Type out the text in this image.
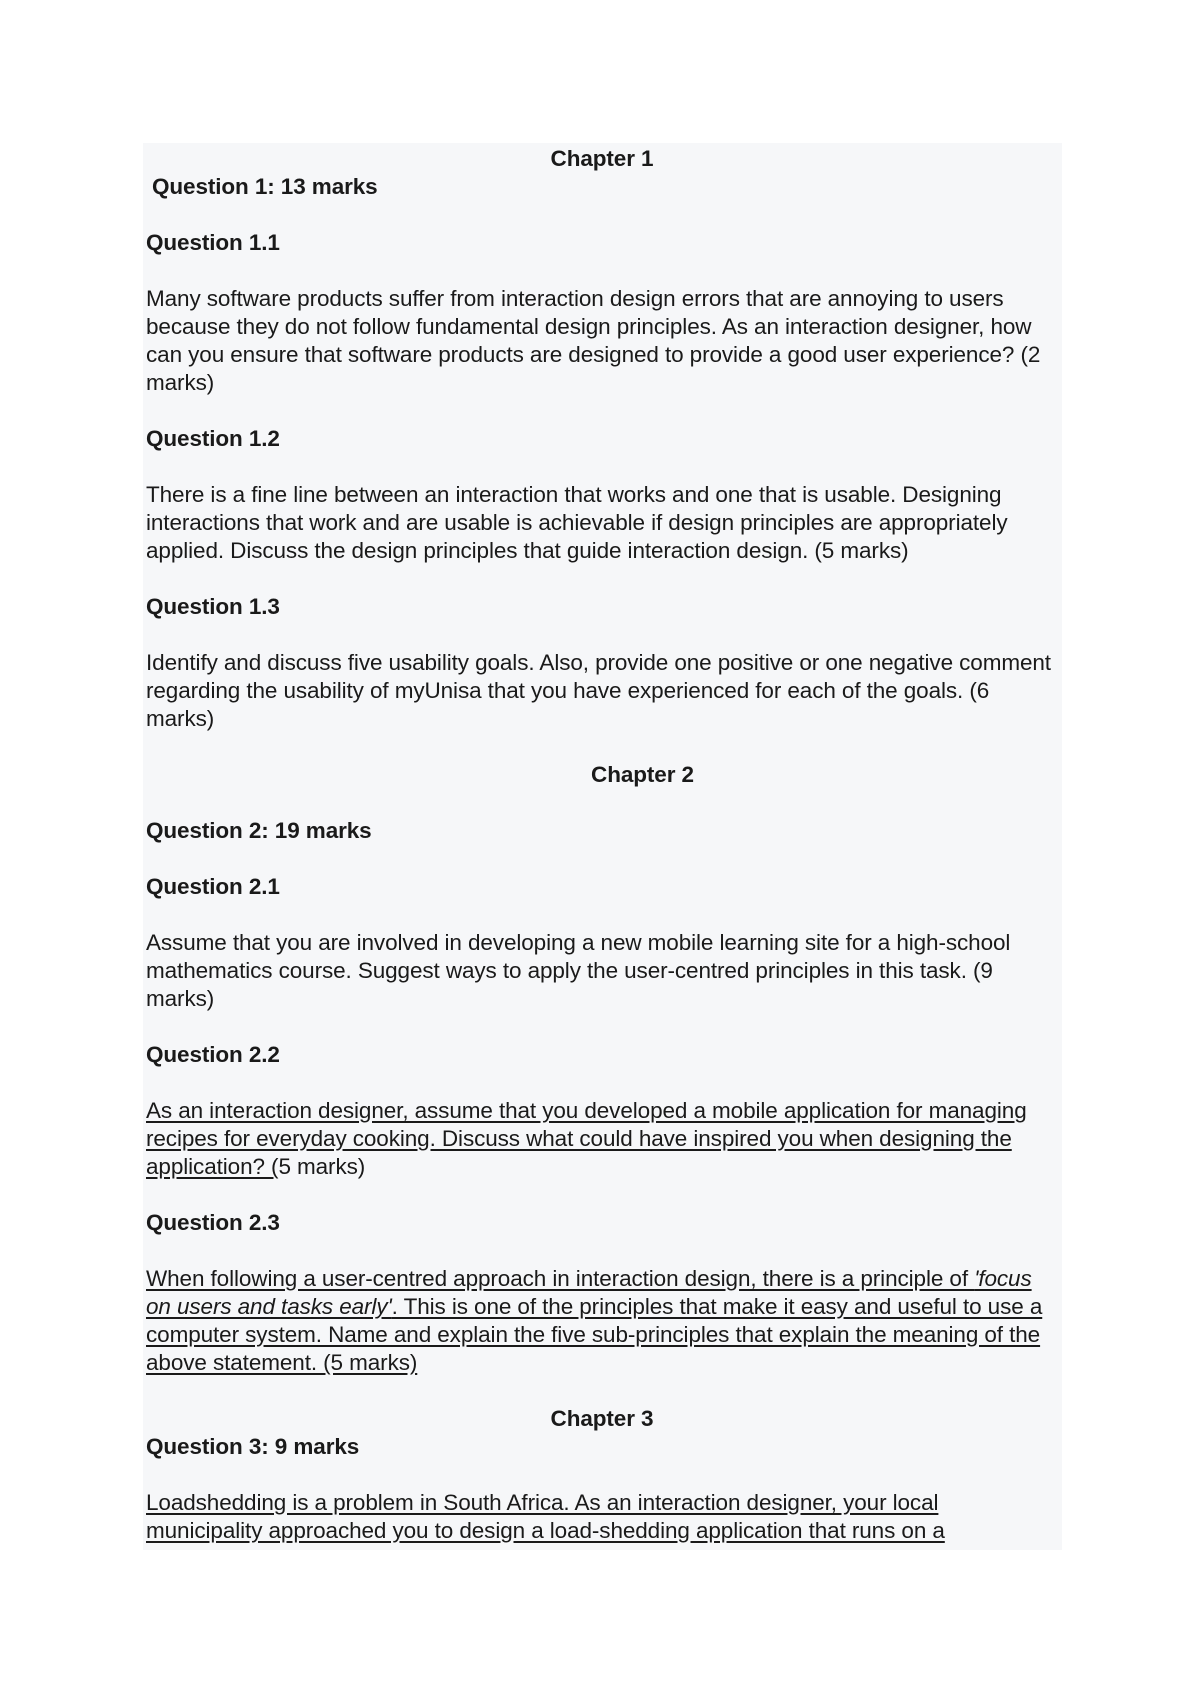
Chapter 1

Question 1: 13 marks

Question 1.1

Many software products suffer from interaction design errors that are annoying to users because they do not follow fundamental design principles. As an interaction designer, how can you ensure that software products are designed to provide a good user experience? (2 marks)

Question 1.2

There is a fine line between an interaction that works and one that is usable. Designing interactions that work and are usable is achievable if design principles are appropriately applied. Discuss the design principles that guide interaction design. (5 marks)

Question 1.3

Identify and discuss five usability goals. Also, provide one positive or one negative comment regarding the usability of myUnisa that you have experienced for each of the goals. (6 marks)

Chapter 2

Question 2: 19 marks

Question 2.1

Assume that you are involved in developing a new mobile learning site for a high-school mathematics course. Suggest ways to apply the user-centred principles in this task. (9 marks)

Question 2.2

As an interaction designer, assume that you developed a mobile application for managing recipes for everyday cooking. Discuss what could have inspired you when designing the application? (5 marks)

Question 2.3

When following a user-centred approach in interaction design, there is a principle of 'focus on users and tasks early'. This is one of the principles that make it easy and useful to use a computer system. Name and explain the five sub-principles that explain the meaning of the above statement. (5 marks)

Chapter 3

Question 3: 9 marks

Loadshedding is a problem in South Africa. As an interaction designer, your local municipality approached you to design a load-shedding application that runs on a
